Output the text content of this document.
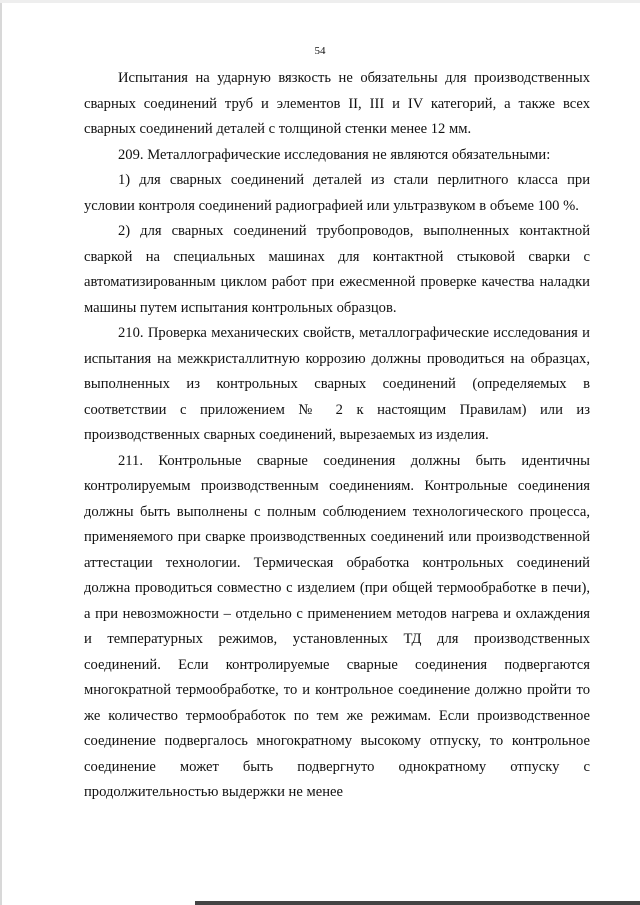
54

Испытания на ударную вязкость не обязательны для производственных сварных соединений труб и элементов II, III и IV категорий, а также всех сварных соединений деталей с толщиной стенки менее 12 мм.

209. Металлографические исследования не являются обязательными:

1) для сварных соединений деталей из стали перлитного класса при условии контроля соединений радиографией или ультразвуком в объеме 100 %.

2) для сварных соединений трубопроводов, выполненных контактной сваркой на специальных машинах для контактной стыковой сварки с автоматизированным циклом работ при ежесменной проверке качества наладки машины путем испытания контрольных образцов.

210. Проверка механических свойств, металлографические исследования и испытания на межкристаллитную коррозию должны проводиться на образцах, выполненных из контрольных сварных соединений (определяемых в соответствии с приложением № 2 к настоящим Правилам) или из производственных сварных соединений, вырезаемых из изделия.

211. Контрольные сварные соединения должны быть идентичны контролируемым производственным соединениям. Контрольные соединения должны быть выполнены с полным соблюдением технологического процесса, применяемого при сварке производственных соединений или производственной аттестации технологии. Термическая обработка контрольных соединений должна проводиться совместно с изделием (при общей термообработке в печи), а при невозможности – отдельно с применением методов нагрева и охлаждения и температурных режимов, установленных ТД для производственных соединений. Если контролируемые сварные соединения подвергаются многократной термообработке, то и контрольное соединение должно пройти то же количество термообработок по тем же режимам. Если производственное соединение подвергалось многократному высокому отпуску, то контрольное соединение может быть подвергнуто однократному отпуску с продолжительностью выдержки не менее
